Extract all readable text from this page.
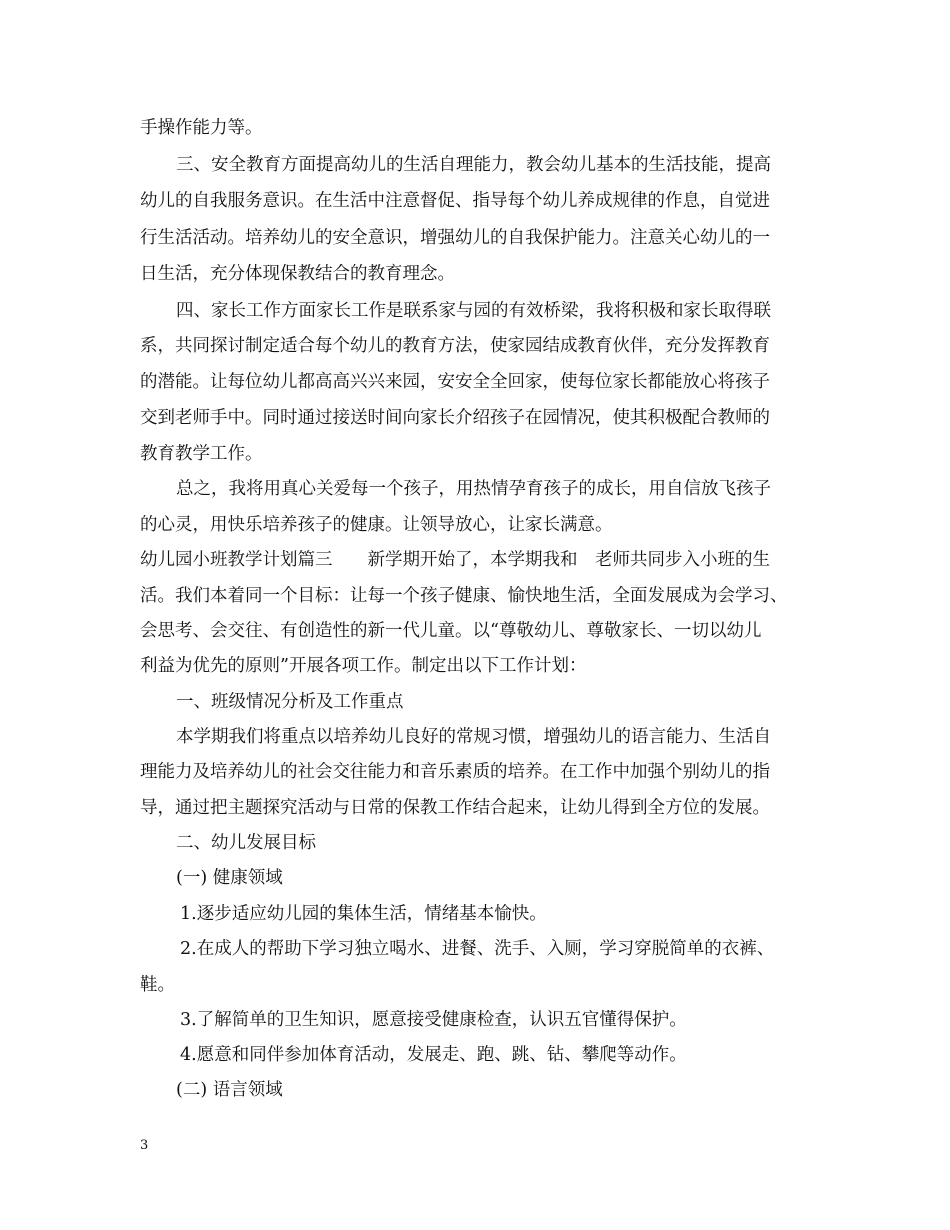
手操作能力等。
三、安全教育方面提高幼儿的生活自理能力，教会幼儿基本的生活技能，提高
幼儿的自我服务意识。在生活中注意督促、指导每个幼儿养成规律的作息，自觉进
行生活活动。培养幼儿的安全意识，增强幼儿的自我保护能力。注意关心幼儿的一
日生活，充分体现保教结合的教育理念。
四、家长工作方面家长工作是联系家与园的有效桥梁，我将积极和家长取得联
系，共同探讨制定适合每个幼儿的教育方法，使家园结成教育伙伴，充分发挥教育
的潜能。让每位幼儿都高高兴兴来园，安安全全回家，使每位家长都能放心将孩子
交到老师手中。同时通过接送时间向家长介绍孩子在园情况，使其积极配合教师的
教育教学工作。
总之，我将用真心关爱每一个孩子，用热情孕育孩子的成长，用自信放飞孩子
的心灵，用快乐培养孩子的健康。让领导放心，让家长满意。
幼儿园小班教学计划篇三　　新学期开始了，本学期我和　老师共同步入小班的生
活。我们本着同一个目标：让每一个孩子健康、愉快地生活，全面发展成为会学习、
会思考、会交往、有创造性的新一代儿童。以“尊敬幼儿、尊敬家长、一切以幼儿
利益为优先的原则”开展各项工作。制定出以下工作计划：
一、班级情况分析及工作重点
本学期我们将重点以培养幼儿良好的常规习惯，增强幼儿的语言能力、生活自
理能力及培养幼儿的社会交往能力和音乐素质的培养。在工作中加强个别幼儿的指
导，通过把主题探究活动与日常的保教工作结合起来，让幼儿得到全方位的发展。
二、幼儿发展目标
(一) 健康领域
1.逐步适应幼儿园的集体生活，情绪基本愉快。
2.在成人的帮助下学习独立喝水、进餐、洗手、入厕，学习穿脱简单的衣裤、
鞋。
3.了解简单的卫生知识，愿意接受健康检查，认识五官懂得保护。
4.愿意和同伴参加体育活动，发展走、跑、跳、钻、攀爬等动作。
(二) 语言领域
3
